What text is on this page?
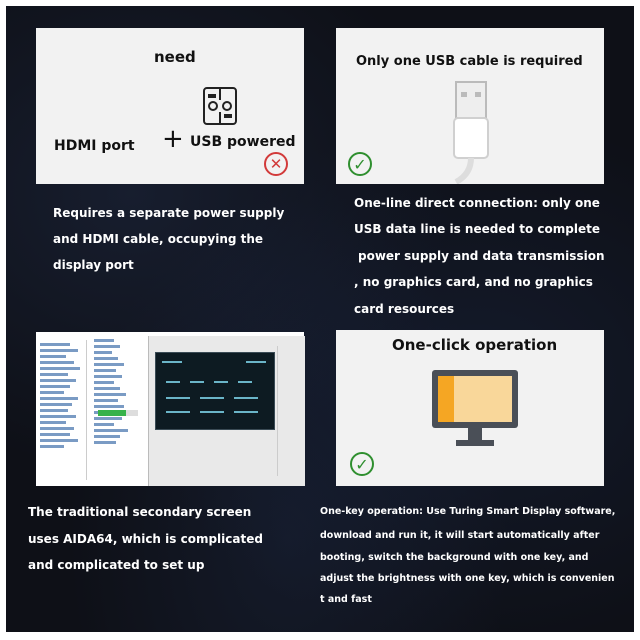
need
HDMI port + USB powered
✕
Only one USB cable is required
✓
Requires a separate power supply
and HDMI cable, occupying the
display port
One-line direct connection: only one
USB data line is needed to complete
power supply and data transmission
, no graphics card, and no graphics
card resources
One-click operation
✓
The traditional secondary screen
uses AIDA64, which is complicated
and complicated to set up
One-key operation: Use Turing Smart Display software,
download and run it, it will start automatically after
booting, switch the background with one key, and
adjust the brightness with one key, which is convenien
t and fast
